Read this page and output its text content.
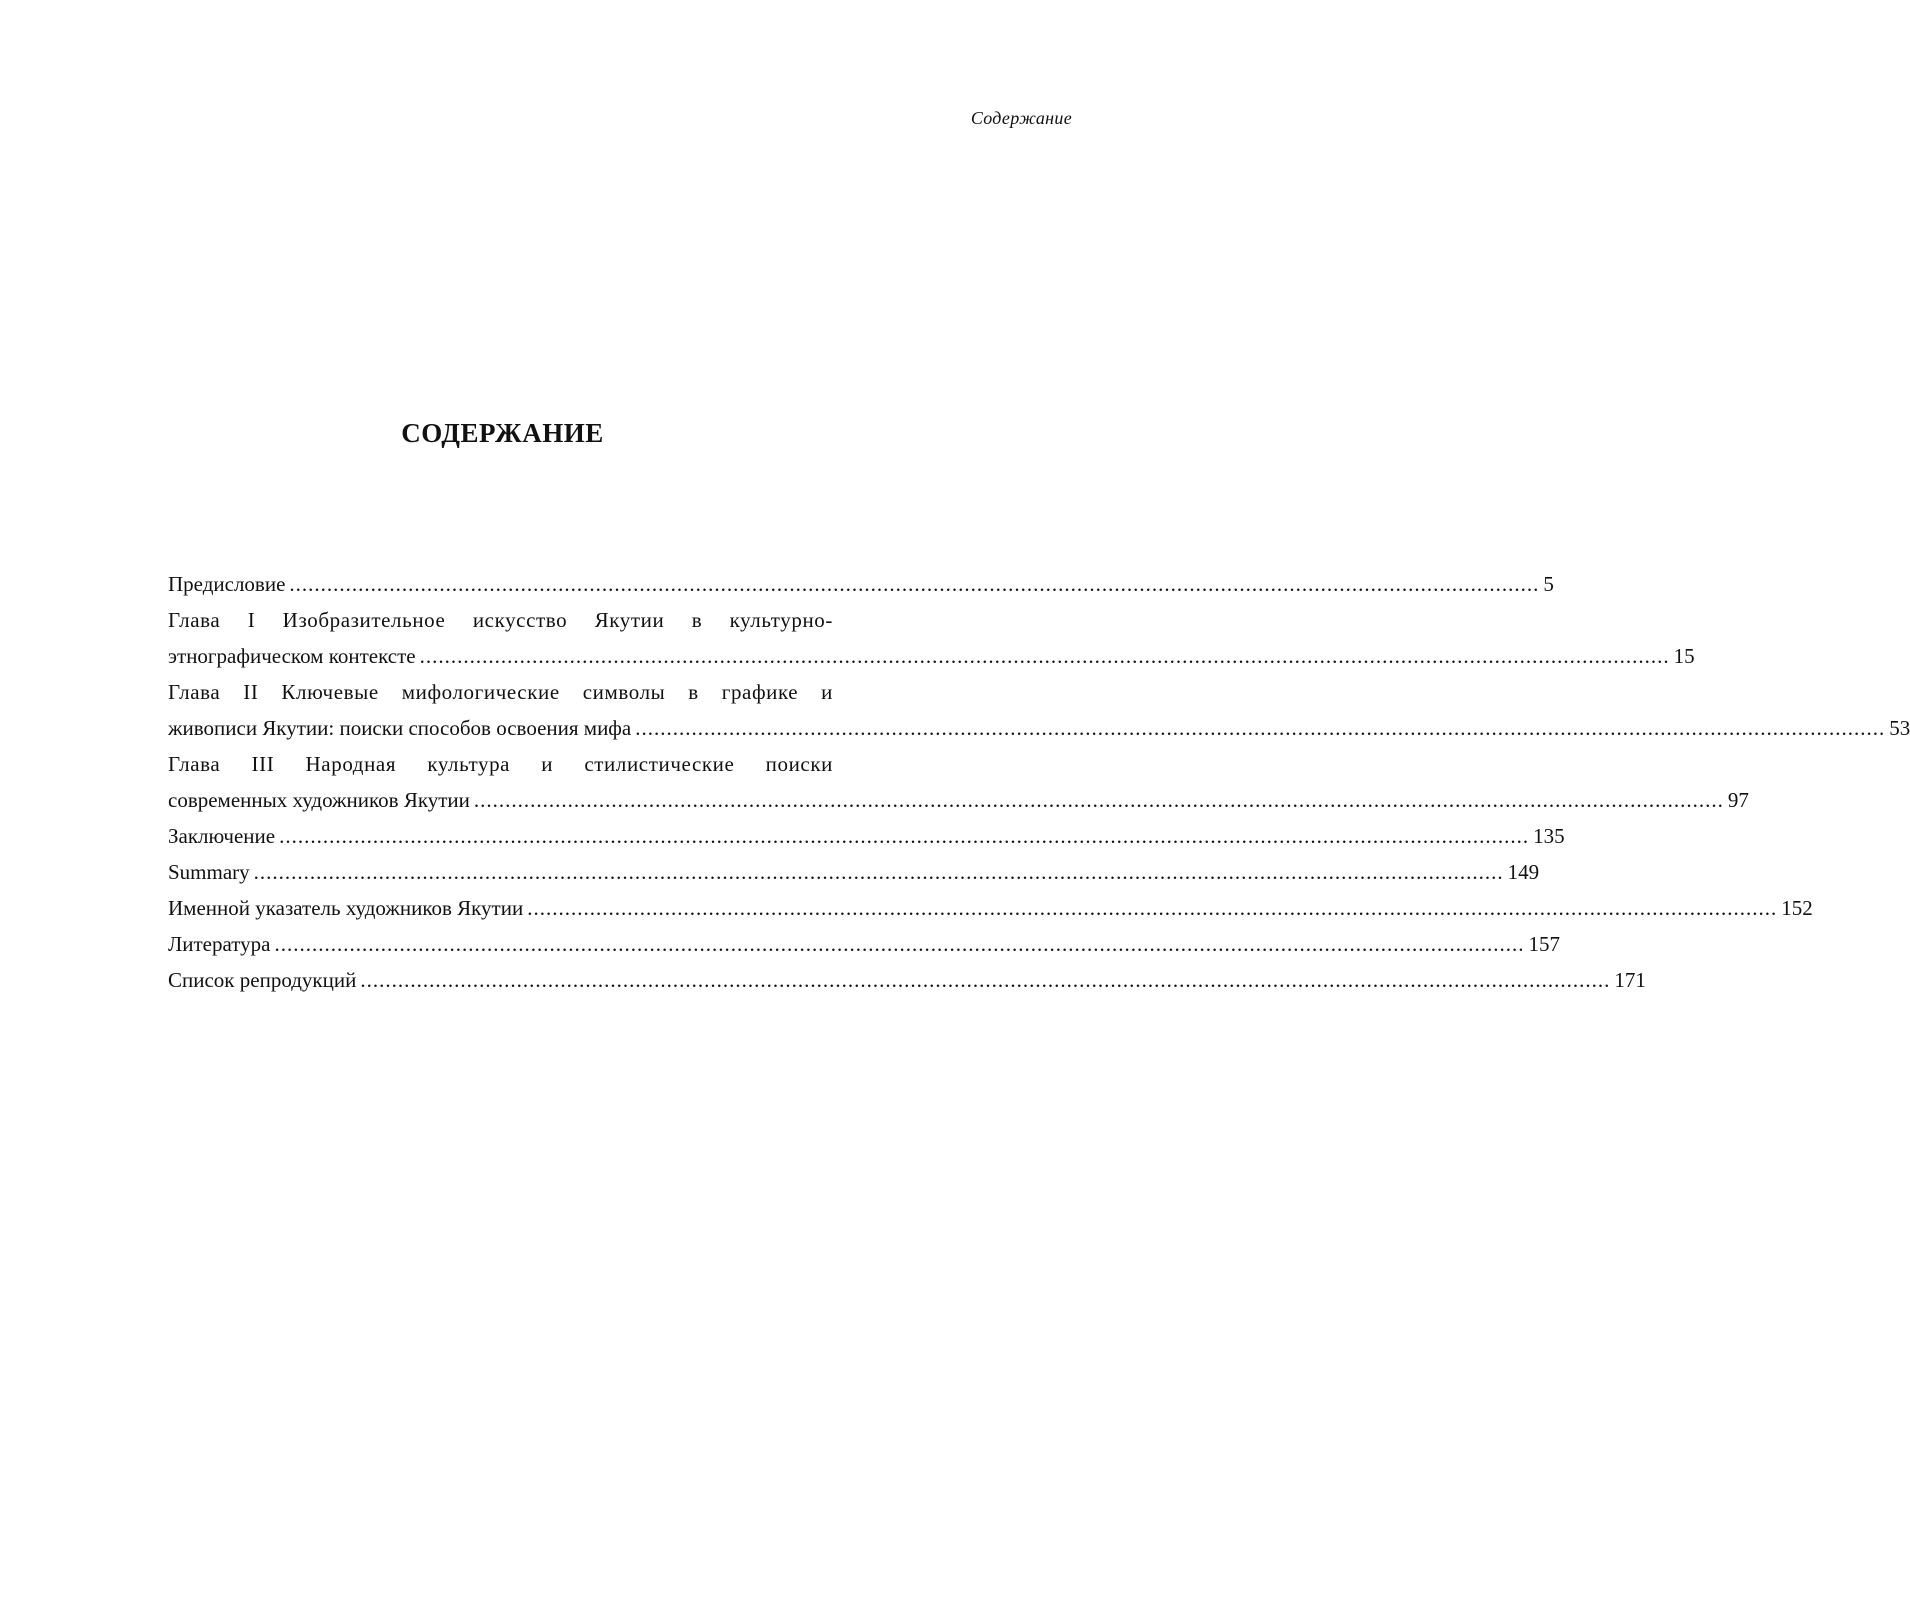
Содержание
СОДЕРЖАНИЕ
Предисловие ........................................................................................................................................................................................................ 5
Глава I Изобразительное искусство Якутии в культурно-
этнографическом контексте ........................................................................................................................................................................................................ 15
Глава II Ключевые мифологические символы в графике и
живописи Якутии: поиски способов освоения мифа ........................................................................................................................................................................................................ 53
Глава III Народная культура и стилистические поиски
современных художников Якутии ........................................................................................................................................................................................................ 97
Заключение ........................................................................................................................................................................................................ 135
Summary ........................................................................................................................................................................................................ 149
Именной указатель художников Якутии ........................................................................................................................................................................................................ 152
Литература ........................................................................................................................................................................................................ 157
Список репродукций ........................................................................................................................................................................................................ 171
